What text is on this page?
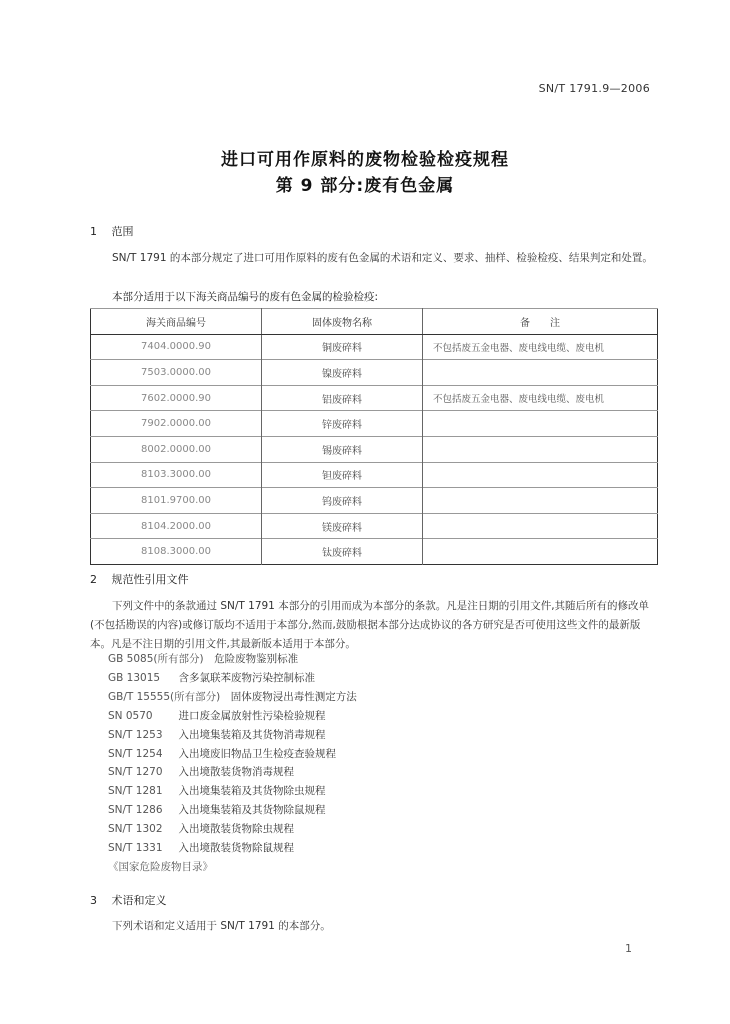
SN/T 1791.9—2006
进口可用作原料的废物检验检疫规程
第 9 部分:废有色金属
1 范围
SN/T 1791 的本部分规定了进口可用作原料的废有色金属的术语和定义、要求、抽样、检验检疫、结果判定和处置。
本部分适用于以下海关商品编号的废有色金属的检验检疫:
海关商品编号	固体废物名称	备　　注
7404.0000.90	铜废碎料	不包括废五金电器、废电线电缆、废电机
7503.0000.00	镍废碎料	
7602.0000.90	铝废碎料	不包括废五金电器、废电线电缆、废电机
7902.0000.00	锌废碎料	
8002.0000.00	锡废碎料	
8103.3000.00	钽废碎料	
8101.9700.00	钨废碎料	
8104.2000.00	镁废碎料	
8108.3000.00	钛废碎料	
2 规范性引用文件
下列文件中的条款通过 SN/T 1791 本部分的引用而成为本部分的条款。凡是注日期的引用文件,其随后所有的修改单(不包括勘误的内容)或修订版均不适用于本部分,然而,鼓励根据本部分达成协议的各方研究是否可使用这些文件的最新版本。凡是不注日期的引用文件,其最新版本适用于本部分。
GB 5085(所有部分)　 危险废物鉴别标准
GB 13015　 含多氯联苯废物污染控制标准
GB/T 15555(所有部分)　 固体废物浸出毒性测定方法
SN 0570　 进口废金属放射性污染检验规程
SN/T 1253　 入出境集装箱及其货物消毒规程
SN/T 1254　 入出境废旧物品卫生检疫查验规程
SN/T 1270　 入出境散装货物消毒规程
SN/T 1281　 入出境集装箱及其货物除虫规程
SN/T 1286　 入出境集装箱及其货物除鼠规程
SN/T 1302　 入出境散装货物除虫规程
SN/T 1331　 入出境散装货物除鼠规程
《国家危险废物目录》
3 术语和定义
下列术语和定义适用于 SN/T 1791 的本部分。
1
